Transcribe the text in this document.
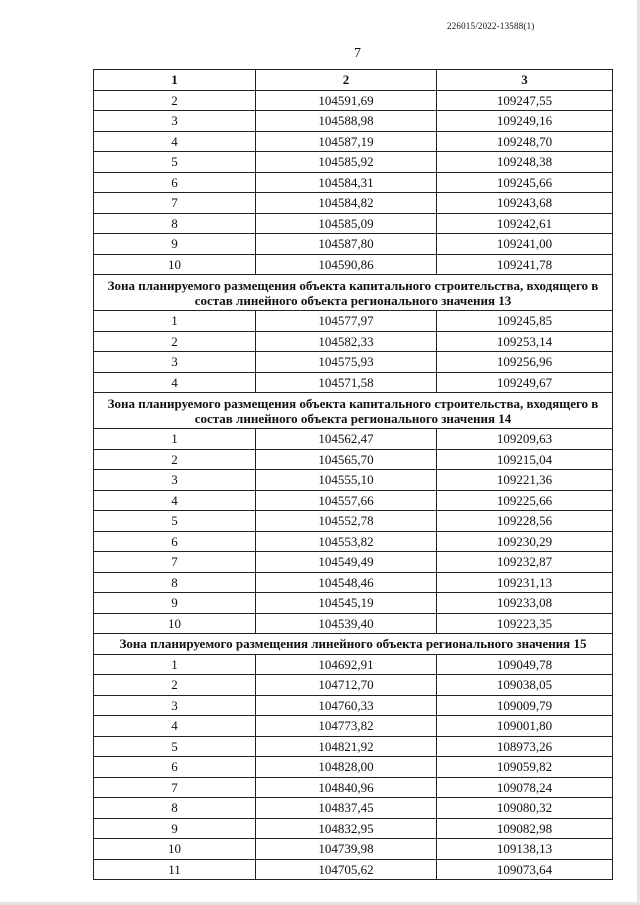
226015/2022-13588(1)
7
1	2	3
2	104591,69	109247,55
3	104588,98	109249,16
4	104587,19	109248,70
5	104585,92	109248,38
6	104584,31	109245,66
7	104584,82	109243,68
8	104585,09	109242,61
9	104587,80	109241,00
10	104590,86	109241,78
Зона планируемого размещения объекта капитального строительства, входящего в состав линейного объекта регионального значения 13		
1	104577,97	109245,85
2	104582,33	109253,14
3	104575,93	109256,96
4	104571,58	109249,67
Зона планируемого размещения объекта капитального строительства, входящего в состав линейного объекта регионального значения 14		
1	104562,47	109209,63
2	104565,70	109215,04
3	104555,10	109221,36
4	104557,66	109225,66
5	104552,78	109228,56
6	104553,82	109230,29
7	104549,49	109232,87
8	104548,46	109231,13
9	104545,19	109233,08
10	104539,40	109223,35
Зона планируемого размещения линейного объекта регионального значения 15		
1	104692,91	109049,78
2	104712,70	109038,05
3	104760,33	109009,79
4	104773,82	109001,80
5	104821,92	108973,26
6	104828,00	109059,82
7	104840,96	109078,24
8	104837,45	109080,32
9	104832,95	109082,98
10	104739,98	109138,13
11	104705,62	109073,64
